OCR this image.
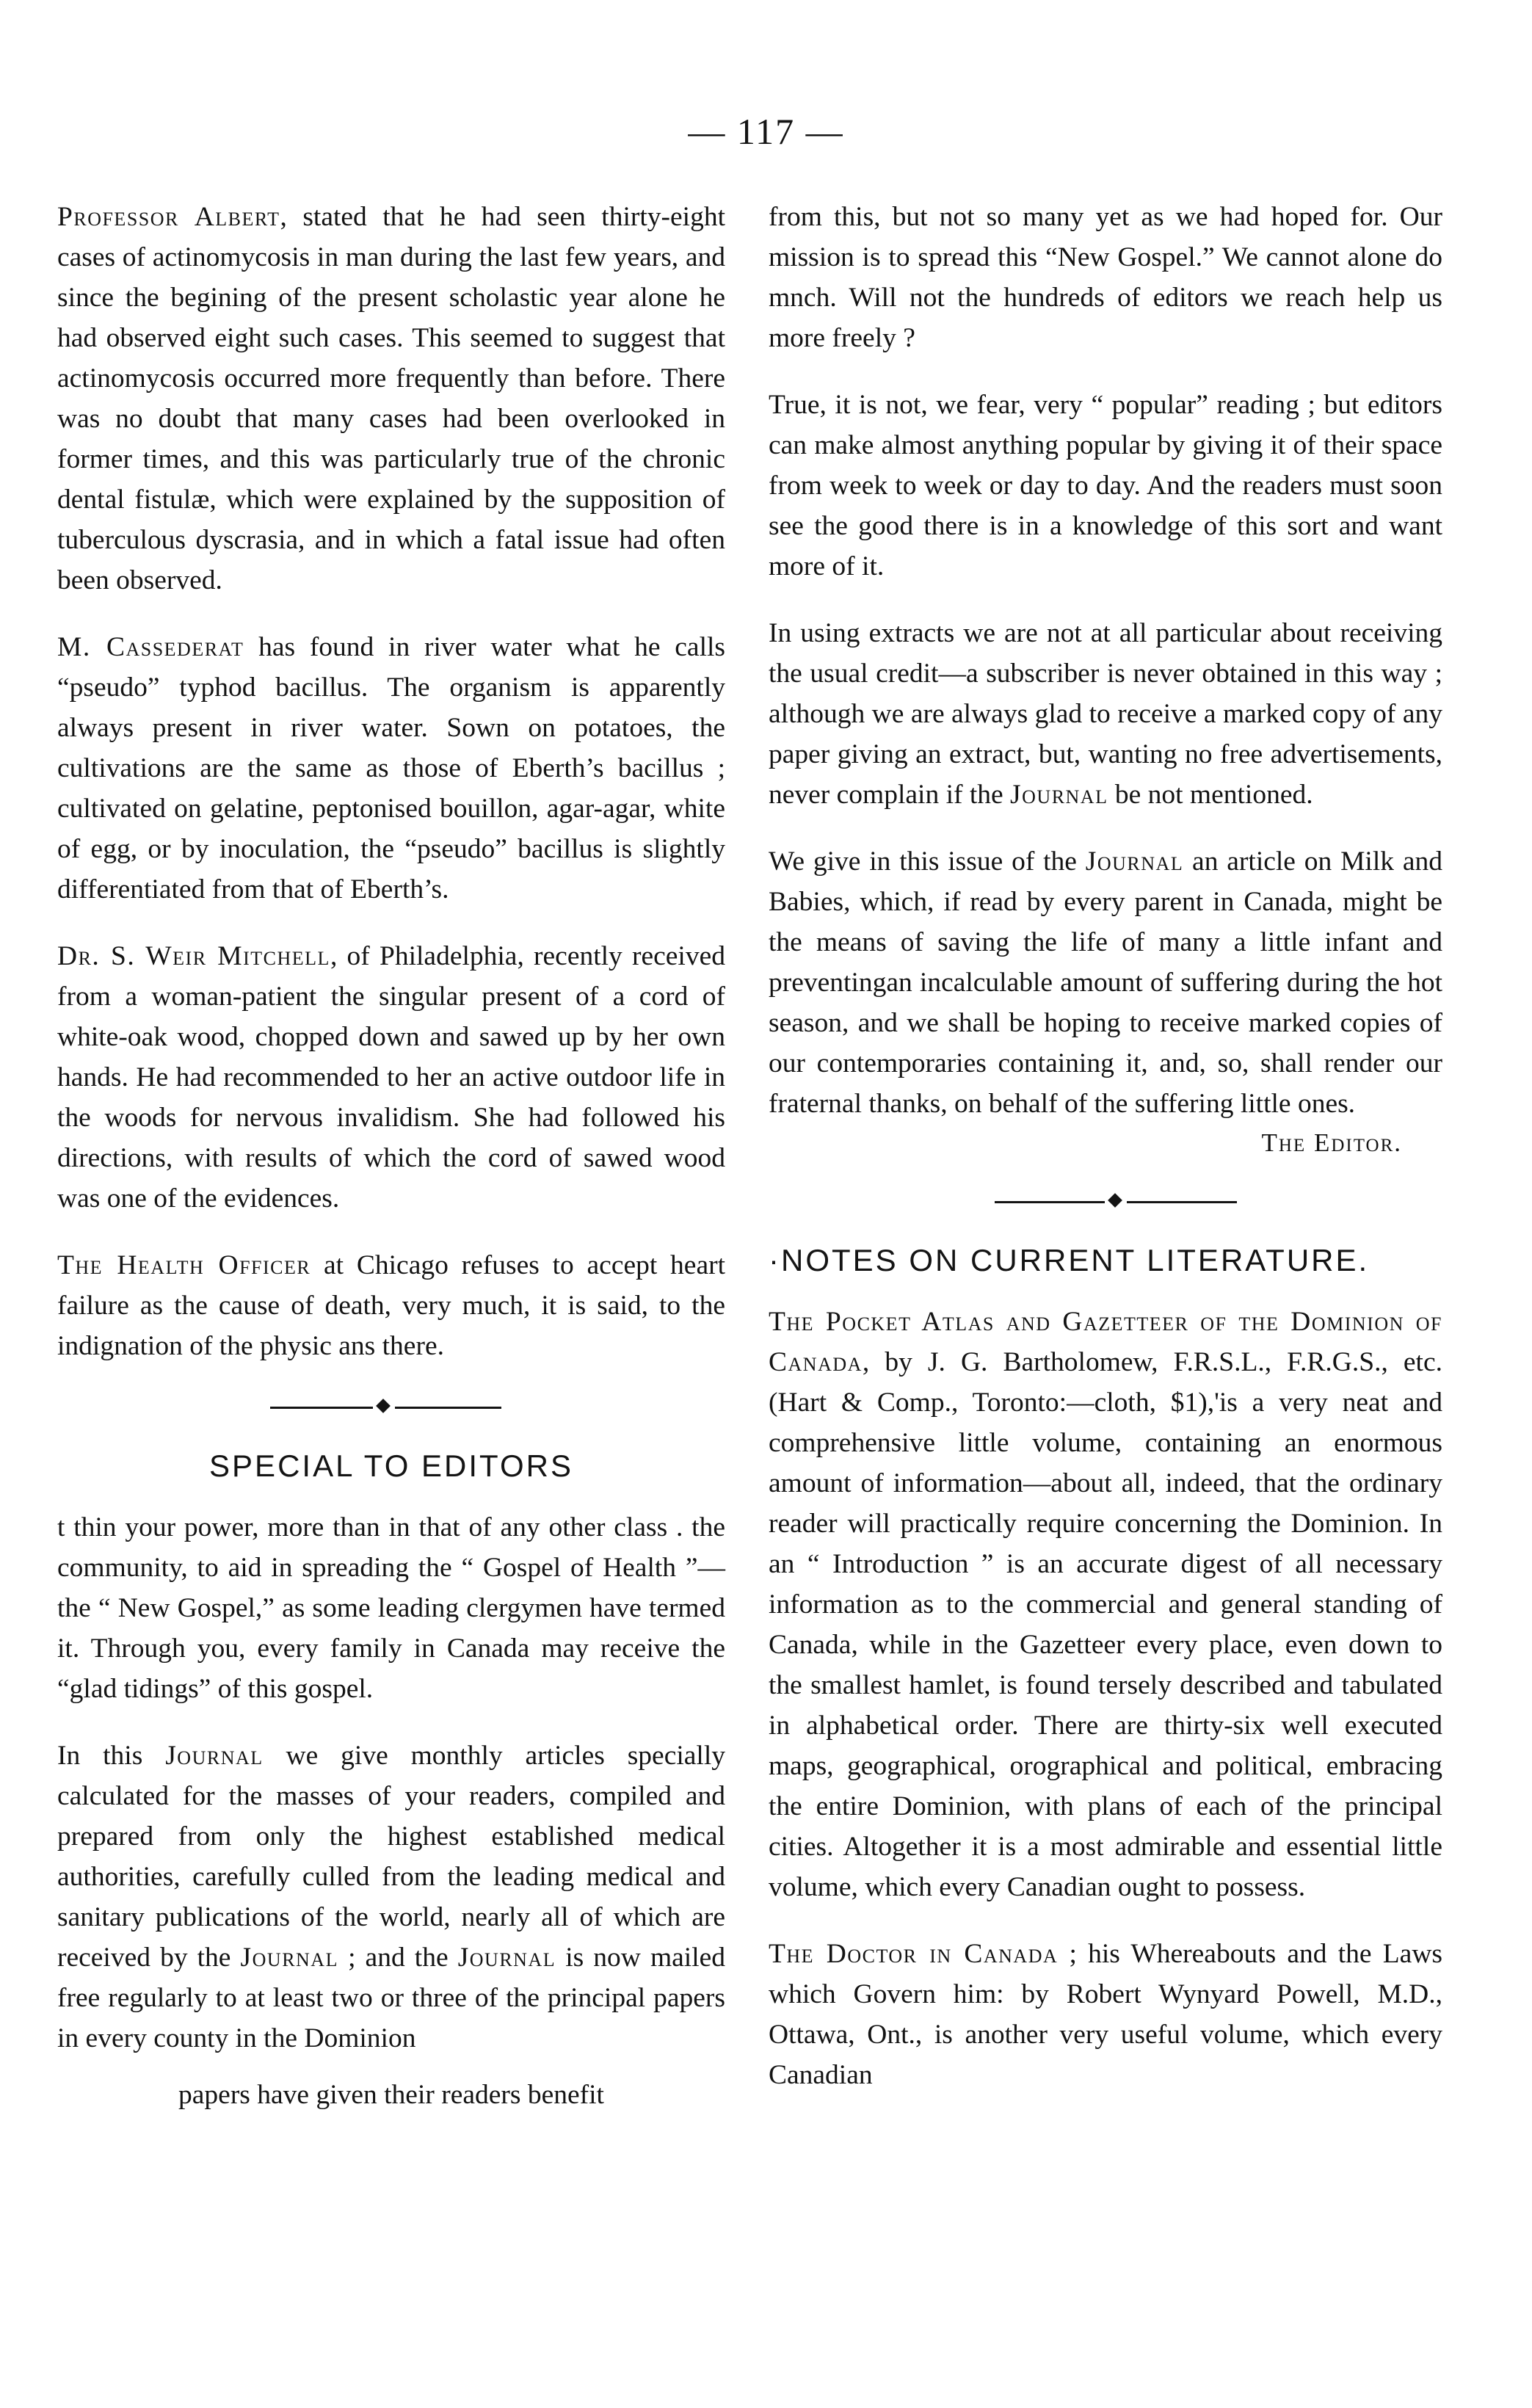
— 117 —

Professor Albert, stated that he had seen thirty-eight cases of actinomycosis in man during the last few years, and since the begining of the present scholastic year alone he had observed eight such cases. This seemed to suggest that actinomycosis occurred more frequently than before. There was no doubt that many cases had been overlooked in former times, and this was particularly true of the chronic dental fistulæ, which were explained by the supposition of tuberculous dyscrasia, and in which a fatal issue had often been observed.

M. Cassederat has found in river water what he calls “pseudo” typhod bacillus. The organism is apparently always present in river water. Sown on potatoes, the cultivations are the same as those of Eberth’s bacillus ; cultivated on gelatine, peptonised bouillon, agar-agar, white of egg, or by inoculation, the “pseudo” bacillus is slightly differentiated from that of Eberth’s.

Dr. S. Weir Mitchell, of Philadelphia, recently received from a woman-patient the singular present of a cord of white-oak wood, chopped down and sawed up by her own hands. He had recommended to her an active outdoor life in the woods for nervous invalidism. She had followed his directions, with results of which the cord of sawed wood was one of the evidences.

The Health Officer at Chicago refuses to accept heart failure as the cause of death, very much, it is said, to the indignation of the physic ans there.

SPECIAL TO EDITORS

t thin your power, more than in that of any other class . the community, to aid in spreading the “ Gospel of Health ”—the “ New Gospel,” as some leading clergymen have termed it. Through you, every family in Canada may receive the “glad tidings” of this gospel.

In this Journal we give monthly articles specially calculated for the masses of your readers, compiled and prepared from only the highest established medical authorities, carefully culled from the leading medical and sanitary publications of the world, nearly all of which are received by the Journal ; and the Journal is now mailed free regularly to at least two or three of the principal papers in every county in the Dominion

papers have given their readers benefit

from this, but not so many yet as we had hoped for. Our mission is to spread this “New Gospel.” We cannot alone do mnch. Will not the hundreds of editors we reach help us more freely ?

True, it is not, we fear, very “ popular” reading ; but editors can make almost anything popular by giving it of their space from week to week or day to day. And the readers must soon see the good there is in a knowledge of this sort and want more of it.

In using extracts we are not at all particular about receiving the usual credit—a subscriber is never obtained in this way ; although we are always glad to receive a marked copy of any paper giving an extract, but, wanting no free advertisements, never complain if the Journal be not mentioned.

We give in this issue of the Journal an article on Milk and Babies, which, if read by every parent in Canada, might be the means of saving the life of many a little infant and preventingan incalculable amount of suffering during the hot season, and we shall be hoping to receive marked copies of our contemporaries containing it, and, so, shall render our fraternal thanks, on behalf of the suffering little ones.

The Editor.
·NOTES ON CURRENT LITERATURE.

The Pocket Atlas and Gazetteer of the Dominion of Canada, by J. G. Bartholomew, F.R.S.L., F.R.G.S., etc. (Hart & Comp., Toronto:—cloth, $1),'is a very neat and comprehensive little volume, containing an enormous amount of information—about all, indeed, that the ordinary reader will practically require concerning the Dominion. In an “ Introduction ” is an accurate digest of all necessary information as to the commercial and general standing of Canada, while in the Gazetteer every place, even down to the smallest hamlet, is found tersely described and tabulated in alphabetical order. There are thirty-six well executed maps, geographical, orographical and political, embracing the entire Dominion, with plans of each of the principal cities. Altogether it is a most admirable and essential little volume, which every Canadian ought to possess.

The Doctor in Canada ; his Whereabouts and the Laws which Govern him: by Robert Wynyard Powell, M.D., Ottawa, Ont., is another very useful volume, which every Canadian
